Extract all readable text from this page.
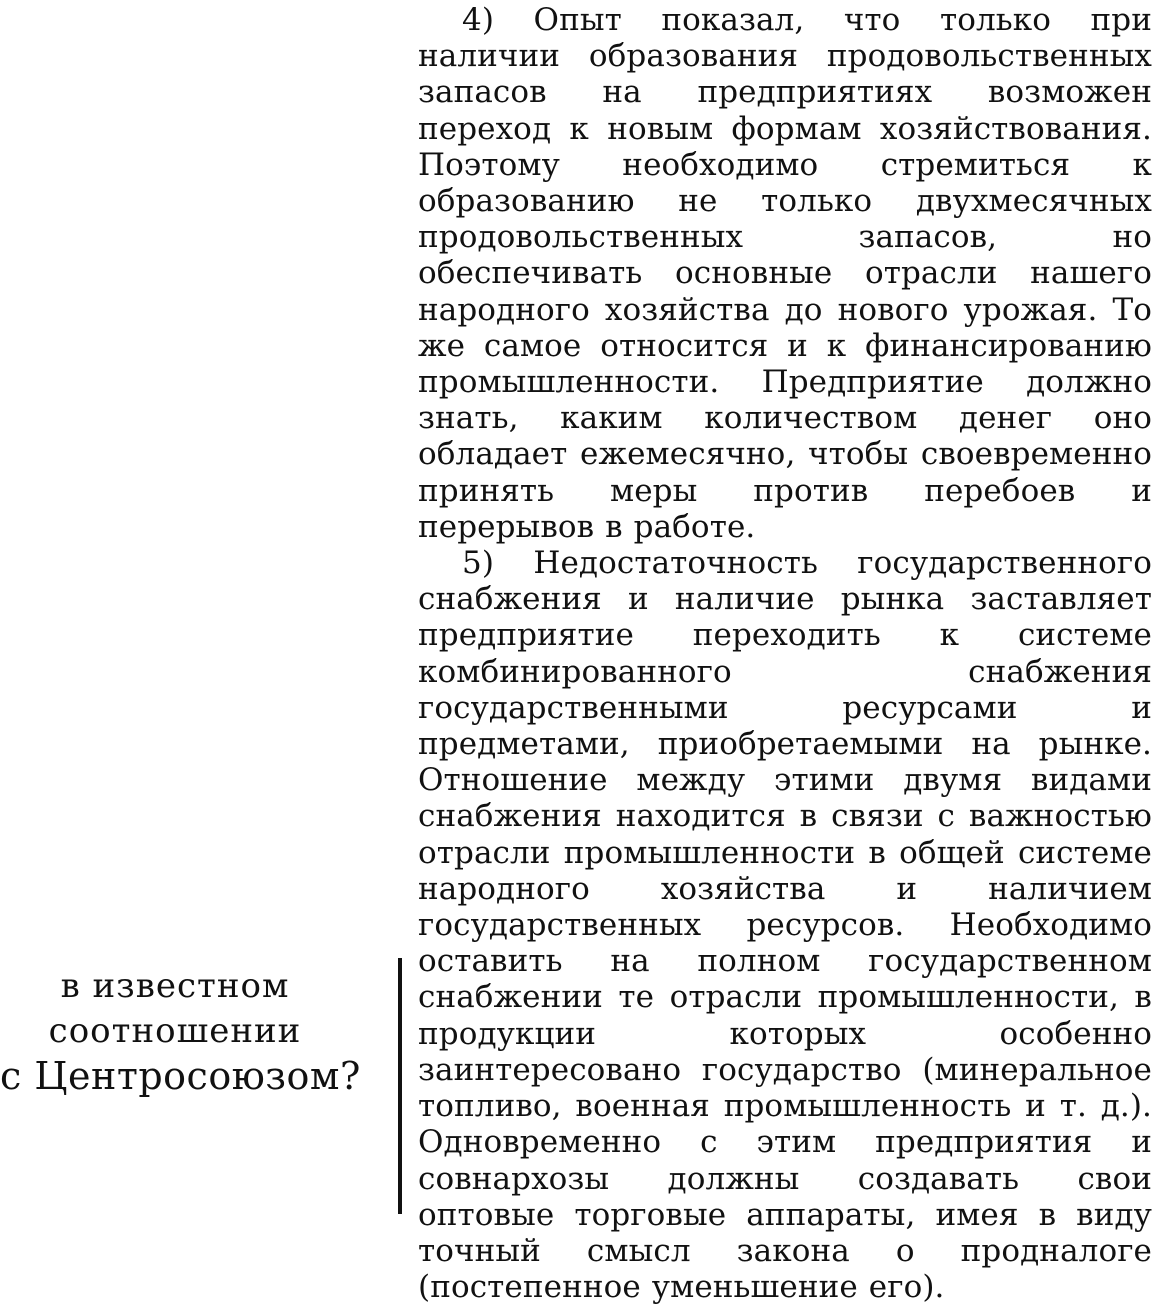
4) Опыт показал, что только при наличии образования продовольственных запасов на предприятиях возможен переход к новым формам хозяйствования. Поэтому необходимо стремиться к образованию не только двухмесячных продовольственных запасов, но обеспечивать основные отрасли нашего народного хозяйства до нового урожая. То же самое относится и к финансированию промышленности. Предприятие должно знать, каким количеством денег оно обладает ежемесячно, чтобы своевременно принять меры против перебоев и перерывов в работе.

5) Недостаточность государственного снабжения и наличие рынка заставляет предприятие переходить к системе комбинированного снабжения государственными ресурсами и предметами, приобретаемыми на рынке. Отношение между этими двумя видами снабжения находится в связи с важностью отрасли промышленности в общей системе народного хозяйства и наличием государственных ресурсов. Необходимо оставить на полном государственном снабжении те отрасли промышленности, в продукции которых особенно заинтересовано государство (минеральное топливо, военная промышленность и т. д.). Одновременно с этим предприятия и совнархозы должны создавать свои оптовые торговые аппараты, имея в виду точный смысл закона о продналоге (постепенное уменьшение его).

в известном
соотношении
с Центросоюзом?
